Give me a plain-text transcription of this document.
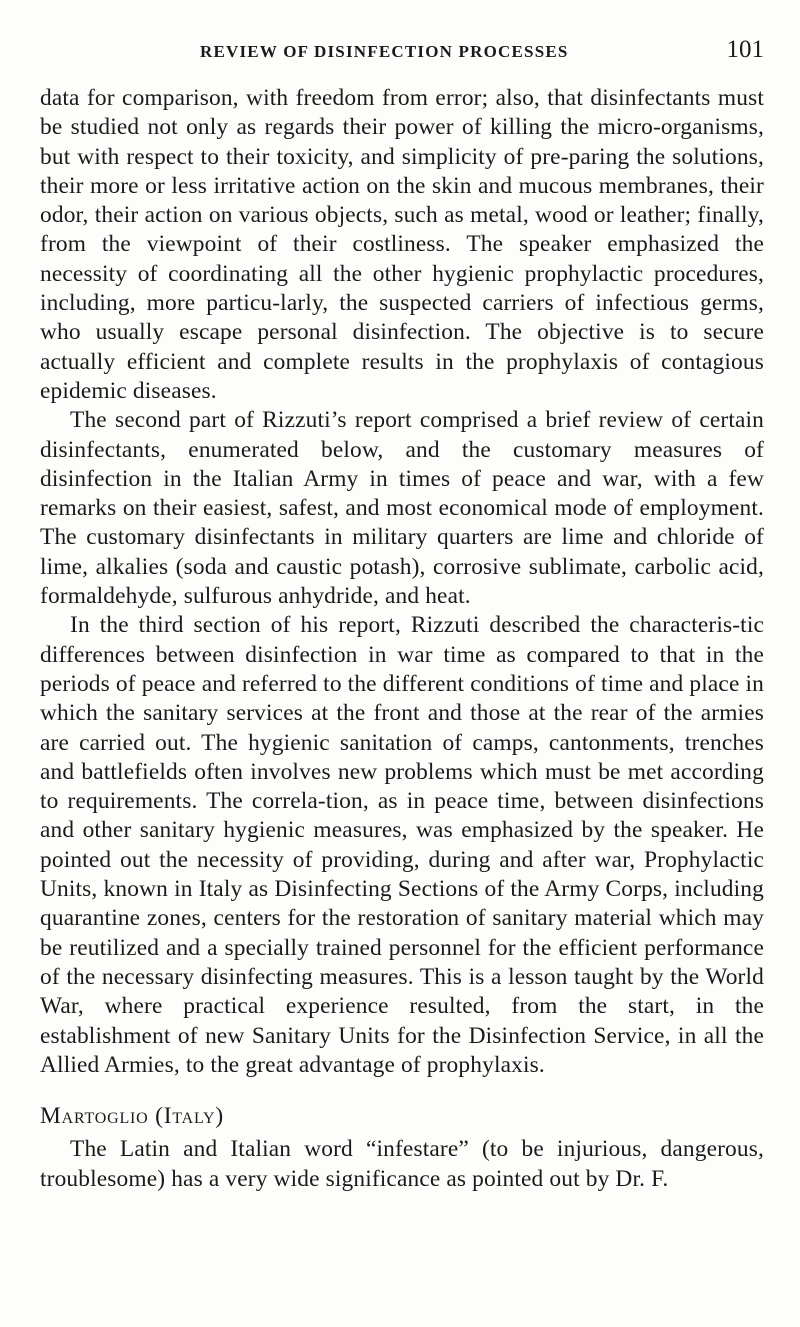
REVIEW OF DISINFECTION PROCESSES	101

data for comparison, with freedom from error; also, that disinfectants must be studied not only as regards their power of killing the micro-organisms, but with respect to their toxicity, and simplicity of pre-paring the solutions, their more or less irritative action on the skin and mucous membranes, their odor, their action on various objects, such as metal, wood or leather; finally, from the viewpoint of their costliness. The speaker emphasized the necessity of coordinating all the other hygienic prophylactic procedures, including, more particu-larly, the suspected carriers of infectious germs, who usually escape personal disinfection. The objective is to secure actually efficient and complete results in the prophylaxis of contagious epidemic diseases.

The second part of Rizzuti’s report comprised a brief review of certain disinfectants, enumerated below, and the customary measures of disinfection in the Italian Army in times of peace and war, with a few remarks on their easiest, safest, and most economical mode of employment. The customary disinfectants in military quarters are lime and chloride of lime, alkalies (soda and caustic potash), corrosive sublimate, carbolic acid, formaldehyde, sulfurous anhydride, and heat.

In the third section of his report, Rizzuti described the characteris-tic differences between disinfection in war time as compared to that in the periods of peace and referred to the different conditions of time and place in which the sanitary services at the front and those at the rear of the armies are carried out. The hygienic sanitation of camps, cantonments, trenches and battlefields often involves new problems which must be met according to requirements. The correla-tion, as in peace time, between disinfections and other sanitary hygienic measures, was emphasized by the speaker. He pointed out the necessity of providing, during and after war, Prophylactic Units, known in Italy as Disinfecting Sections of the Army Corps, including quarantine zones, centers for the restoration of sanitary material which may be reutilized and a specially trained personnel for the efficient performance of the necessary disinfecting measures. This is a lesson taught by the World War, where practical experience resulted, from the start, in the establishment of new Sanitary Units for the Disinfection Service, in all the Allied Armies, to the great advantage of prophylaxis.

Martoglio (Italy)

The Latin and Italian word “infestare” (to be injurious, dangerous, troublesome) has a very wide significance as pointed out by Dr. F.
